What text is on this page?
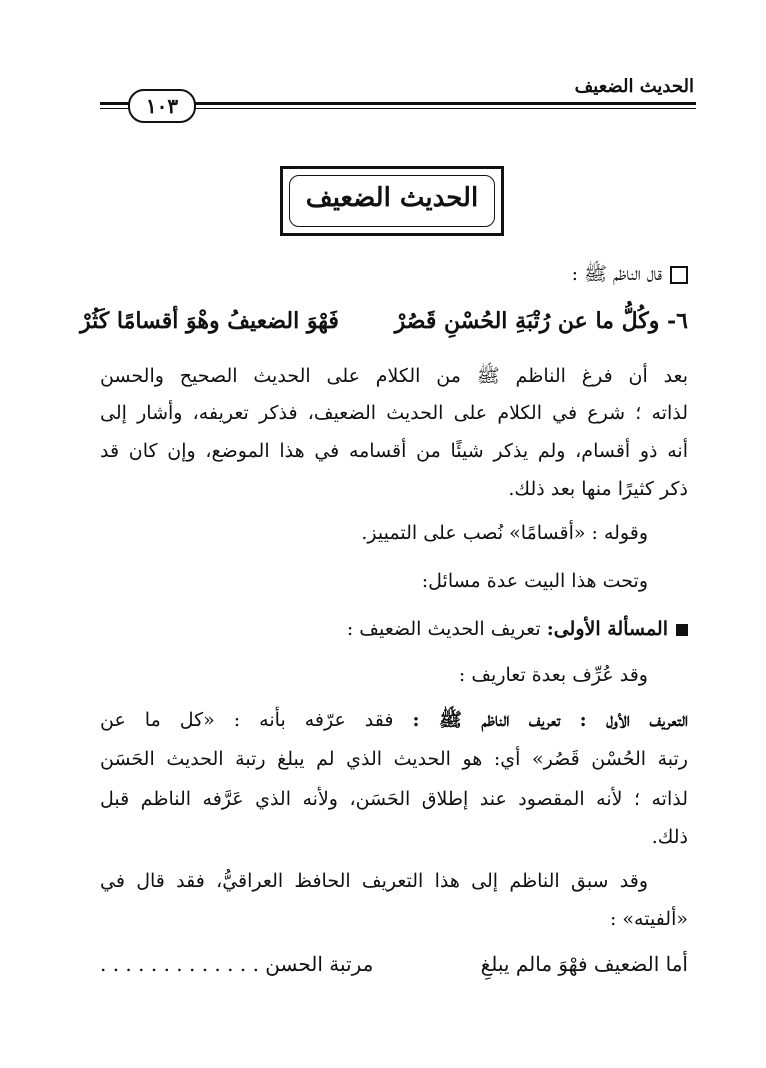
الحديث الضعيف
١٠٣
الحديث الضعيف
قال الناظم ﷺ :
٦- وكُلُّ ما عن رُتْبَةِ الحُسْنِ قَصُرْ
فَهْوَ الضعيفُ وهْوَ أقسامًا كَثُرْ
بعد أن فرغ الناظم ﷺ من الكلام على الحديث الصحيح والحسن
لذاته ؛ شرع في الكلام على الحديث الضعيف، فذكر تعريفه، وأشار إلى
أنه ذو أقسام، ولم يذكر شيئًا من أقسامه في هذا الموضع، وإن كان قد
ذكر كثيرًا منها بعد ذلك.
وقوله : «أقسامًا» نُصب على التمييز.
وتحت هذا البيت عدة مسائل:
المسألة الأولى: تعريف الحديث الضعيف :
وقد عُرِّف بعدة تعاريف :
التعريف الأول : تعريف الناظم ﷺ : فقد عرّفه بأنه : «كل ما عن
رتبة الحُسْن قَصُر» أي: هو الحديث الذي لم يبلغ رتبة الحديث الحَسَن
لذاته ؛ لأنه المقصود عند إطلاق الحَسَن، ولأنه الذي عَرَّفه الناظم قبل
ذلك.
وقد سبق الناظم إلى هذا التعريف الحافظ العراقيُّ، فقد قال في
«ألفيته» :
أما الضعيف فهْوَ مالم يبلغِ
مرتبة الحسن . . . . . . . . . . . . .
